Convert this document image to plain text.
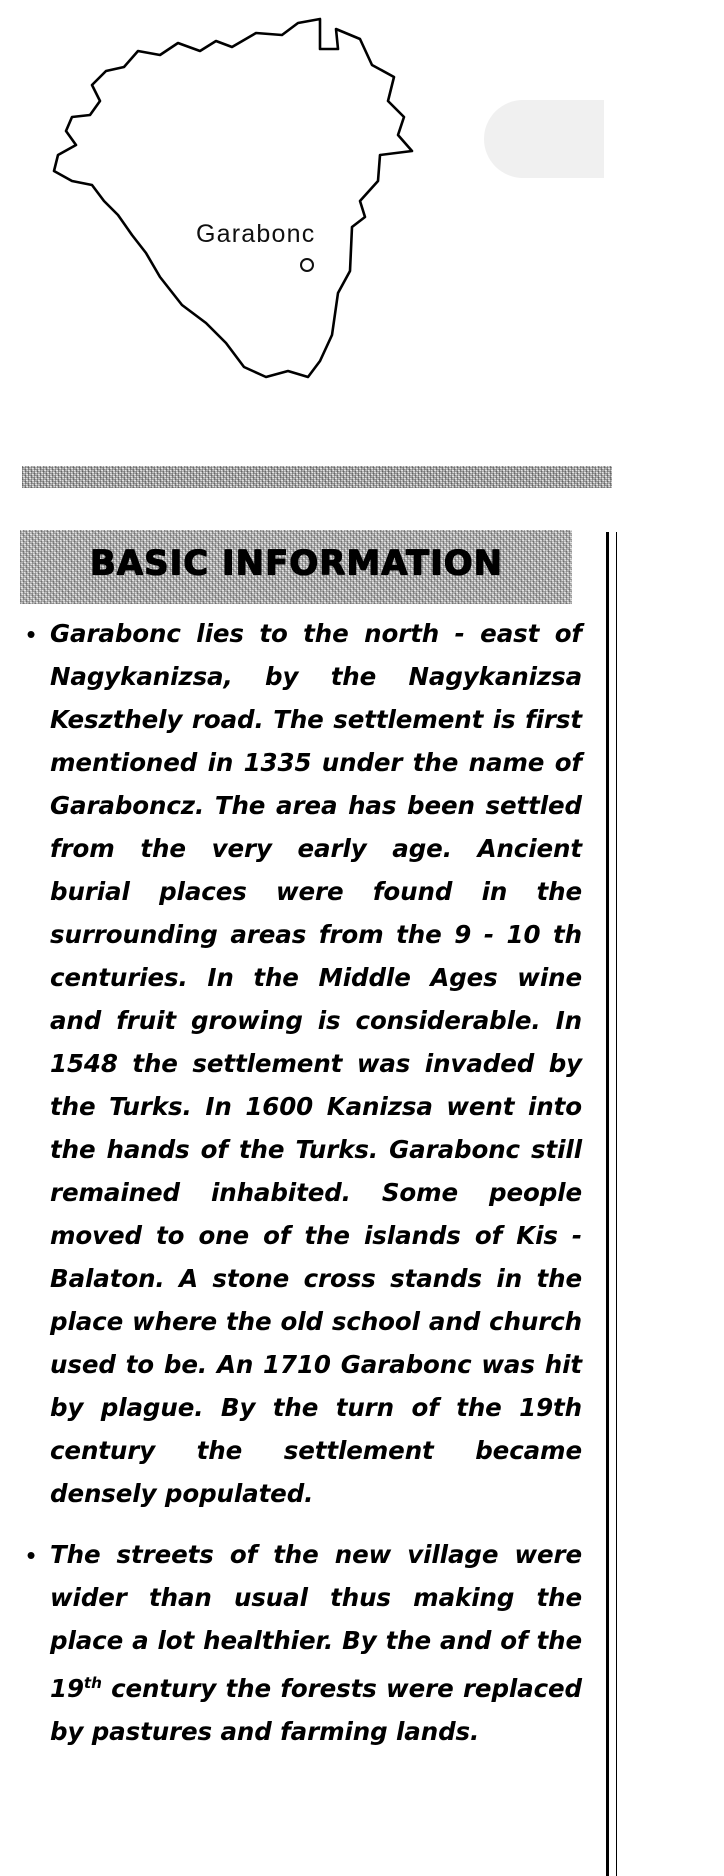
Garabonc
BASIC INFORMATION
• Garabonc lies to the north - east of Nagykanizsa, by the Nagykanizsa Keszthely road. The settlement is first mentioned in 1335 under the name of Garaboncz. The area has been settled from the very early age. Ancient burial places were found in the surrounding areas from the 9 - 10 th centuries. In the Middle Ages wine and fruit growing is considerable. In 1548 the settlement was invaded by the Turks. In 1600 Kanizsa went into the hands of the Turks. Garabonc still remained inhabited. Some people moved to one of the islands of Kis - Balaton. A stone cross stands in the place where the old school and church used to be. An 1710 Garabonc was hit by plague. By the turn of the 19th century the settlement became densely populated.
• The streets of the new village were wider than usual thus making the place a lot healthier. By the and of the 19th century the forests were replaced by pastures and farming lands.
